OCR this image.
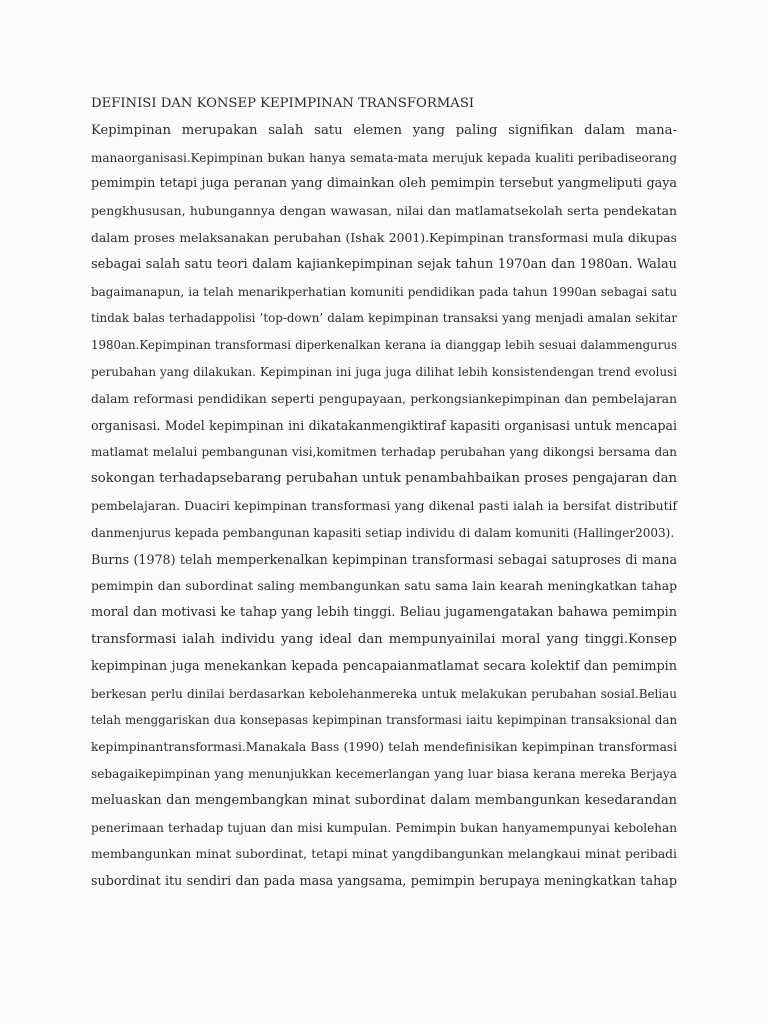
DEFINISI DAN KONSEP KEPIMPINAN TRANSFORMASI
Kepimpinan merupakan salah satu elemen yang paling signifikan dalam mana-
manaorganisasi.Kepimpinan bukan hanya semata-mata merujuk kepada kualiti peribadiseorang
pemimpin tetapi juga peranan yang dimainkan oleh pemimpin tersebut yangmeliputi gaya
pengkhususan, hubungannya dengan wawasan, nilai dan matlamatsekolah serta pendekatan
dalam proses melaksanakan perubahan (Ishak 2001).Kepimpinan transformasi mula dikupas
sebagai salah satu teori dalam kajiankepimpinan sejak tahun 1970an dan 1980an. Walau
bagaimanapun, ia telah menarikperhatian komuniti pendidikan pada tahun 1990an sebagai satu
tindak balas terhadappolisi ’top-down’ dalam kepimpinan transaksi yang menjadi amalan sekitar
1980an.Kepimpinan transformasi diperkenalkan kerana ia dianggap lebih sesuai dalammengurus
perubahan yang dilakukan. Kepimpinan ini juga juga dilihat lebih konsistendengan trend evolusi
dalam reformasi pendidikan seperti pengupayaan, perkongsiankepimpinan dan pembelajaran
organisasi. Model kepimpinan ini dikatakanmengiktiraf kapasiti organisasi untuk mencapai
matlamat melalui pembangunan visi,komitmen terhadap perubahan yang dikongsi bersama dan
sokongan terhadapsebarang perubahan untuk penambahbaikan proses pengajaran dan
pembelajaran. Duaciri kepimpinan transformasi yang dikenal pasti ialah ia bersifat distributif
danmenjurus kepada pembangunan kapasiti setiap individu di dalam komuniti (Hallinger2003).
Burns (1978) telah memperkenalkan kepimpinan transformasi sebagai satuproses di mana
pemimpin dan subordinat saling membangunkan satu sama lain kearah meningkatkan tahap
moral dan motivasi ke tahap yang lebih tinggi. Beliau jugamengatakan bahawa pemimpin
transformasi ialah individu yang ideal dan mempunyainilai moral yang tinggi.Konsep
kepimpinan juga menekankan kepada pencapaianmatlamat secara kolektif dan pemimpin
berkesan perlu dinilai berdasarkan kebolehanmereka untuk melakukan perubahan sosial.Beliau
telah menggariskan dua konsepasas kepimpinan transformasi iaitu kepimpinan transaksional dan
kepimpinantransformasi.Manakala Bass (1990) telah mendefinisikan kepimpinan transformasi
sebagaikepimpinan yang menunjukkan kecemerlangan yang luar biasa kerana mereka Berjaya
meluaskan dan mengembangkan minat subordinat dalam membangunkan kesedarandan
penerimaan terhadap tujuan dan misi kumpulan. Pemimpin bukan hanyamempunyai kebolehan
membangunkan minat subordinat, tetapi minat yangdibangunkan melangkaui minat peribadi
subordinat itu sendiri dan pada masa yangsama, pemimpin berupaya meningkatkan tahap
